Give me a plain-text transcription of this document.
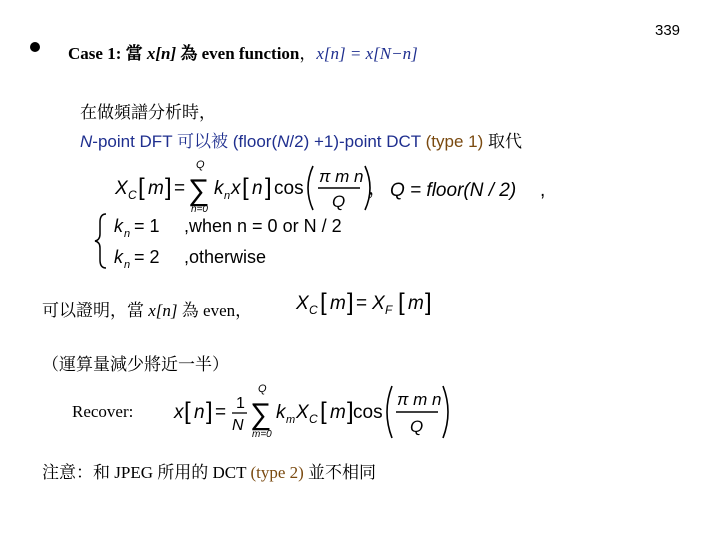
339
Case 1: 當 x[n] 為 even function，x[n] = x[N−n]
在做頻譜分析時，
N-point DFT 可以被 (floor(N/2) +1)-point DCT (type 1) 取代
X C [ m ] =
Q
∑
n=0
k n x [ n ] cos
π m n
Q
， Q = floor(N / 2) ,
k n = 1 ,when n = 0 or N / 2
k n = 2 ,otherwise
可以證明，當 x[n] 為 even， X C [ m ] = X F [ m ]
（運算量減少將近一半）
Recover: x [ n ] = 1
N
Q
∑
m=0
k m X C [ m ] cos
π m n
Q
注意：和 JPEG 所用的 DCT (type 2) 並不相同
